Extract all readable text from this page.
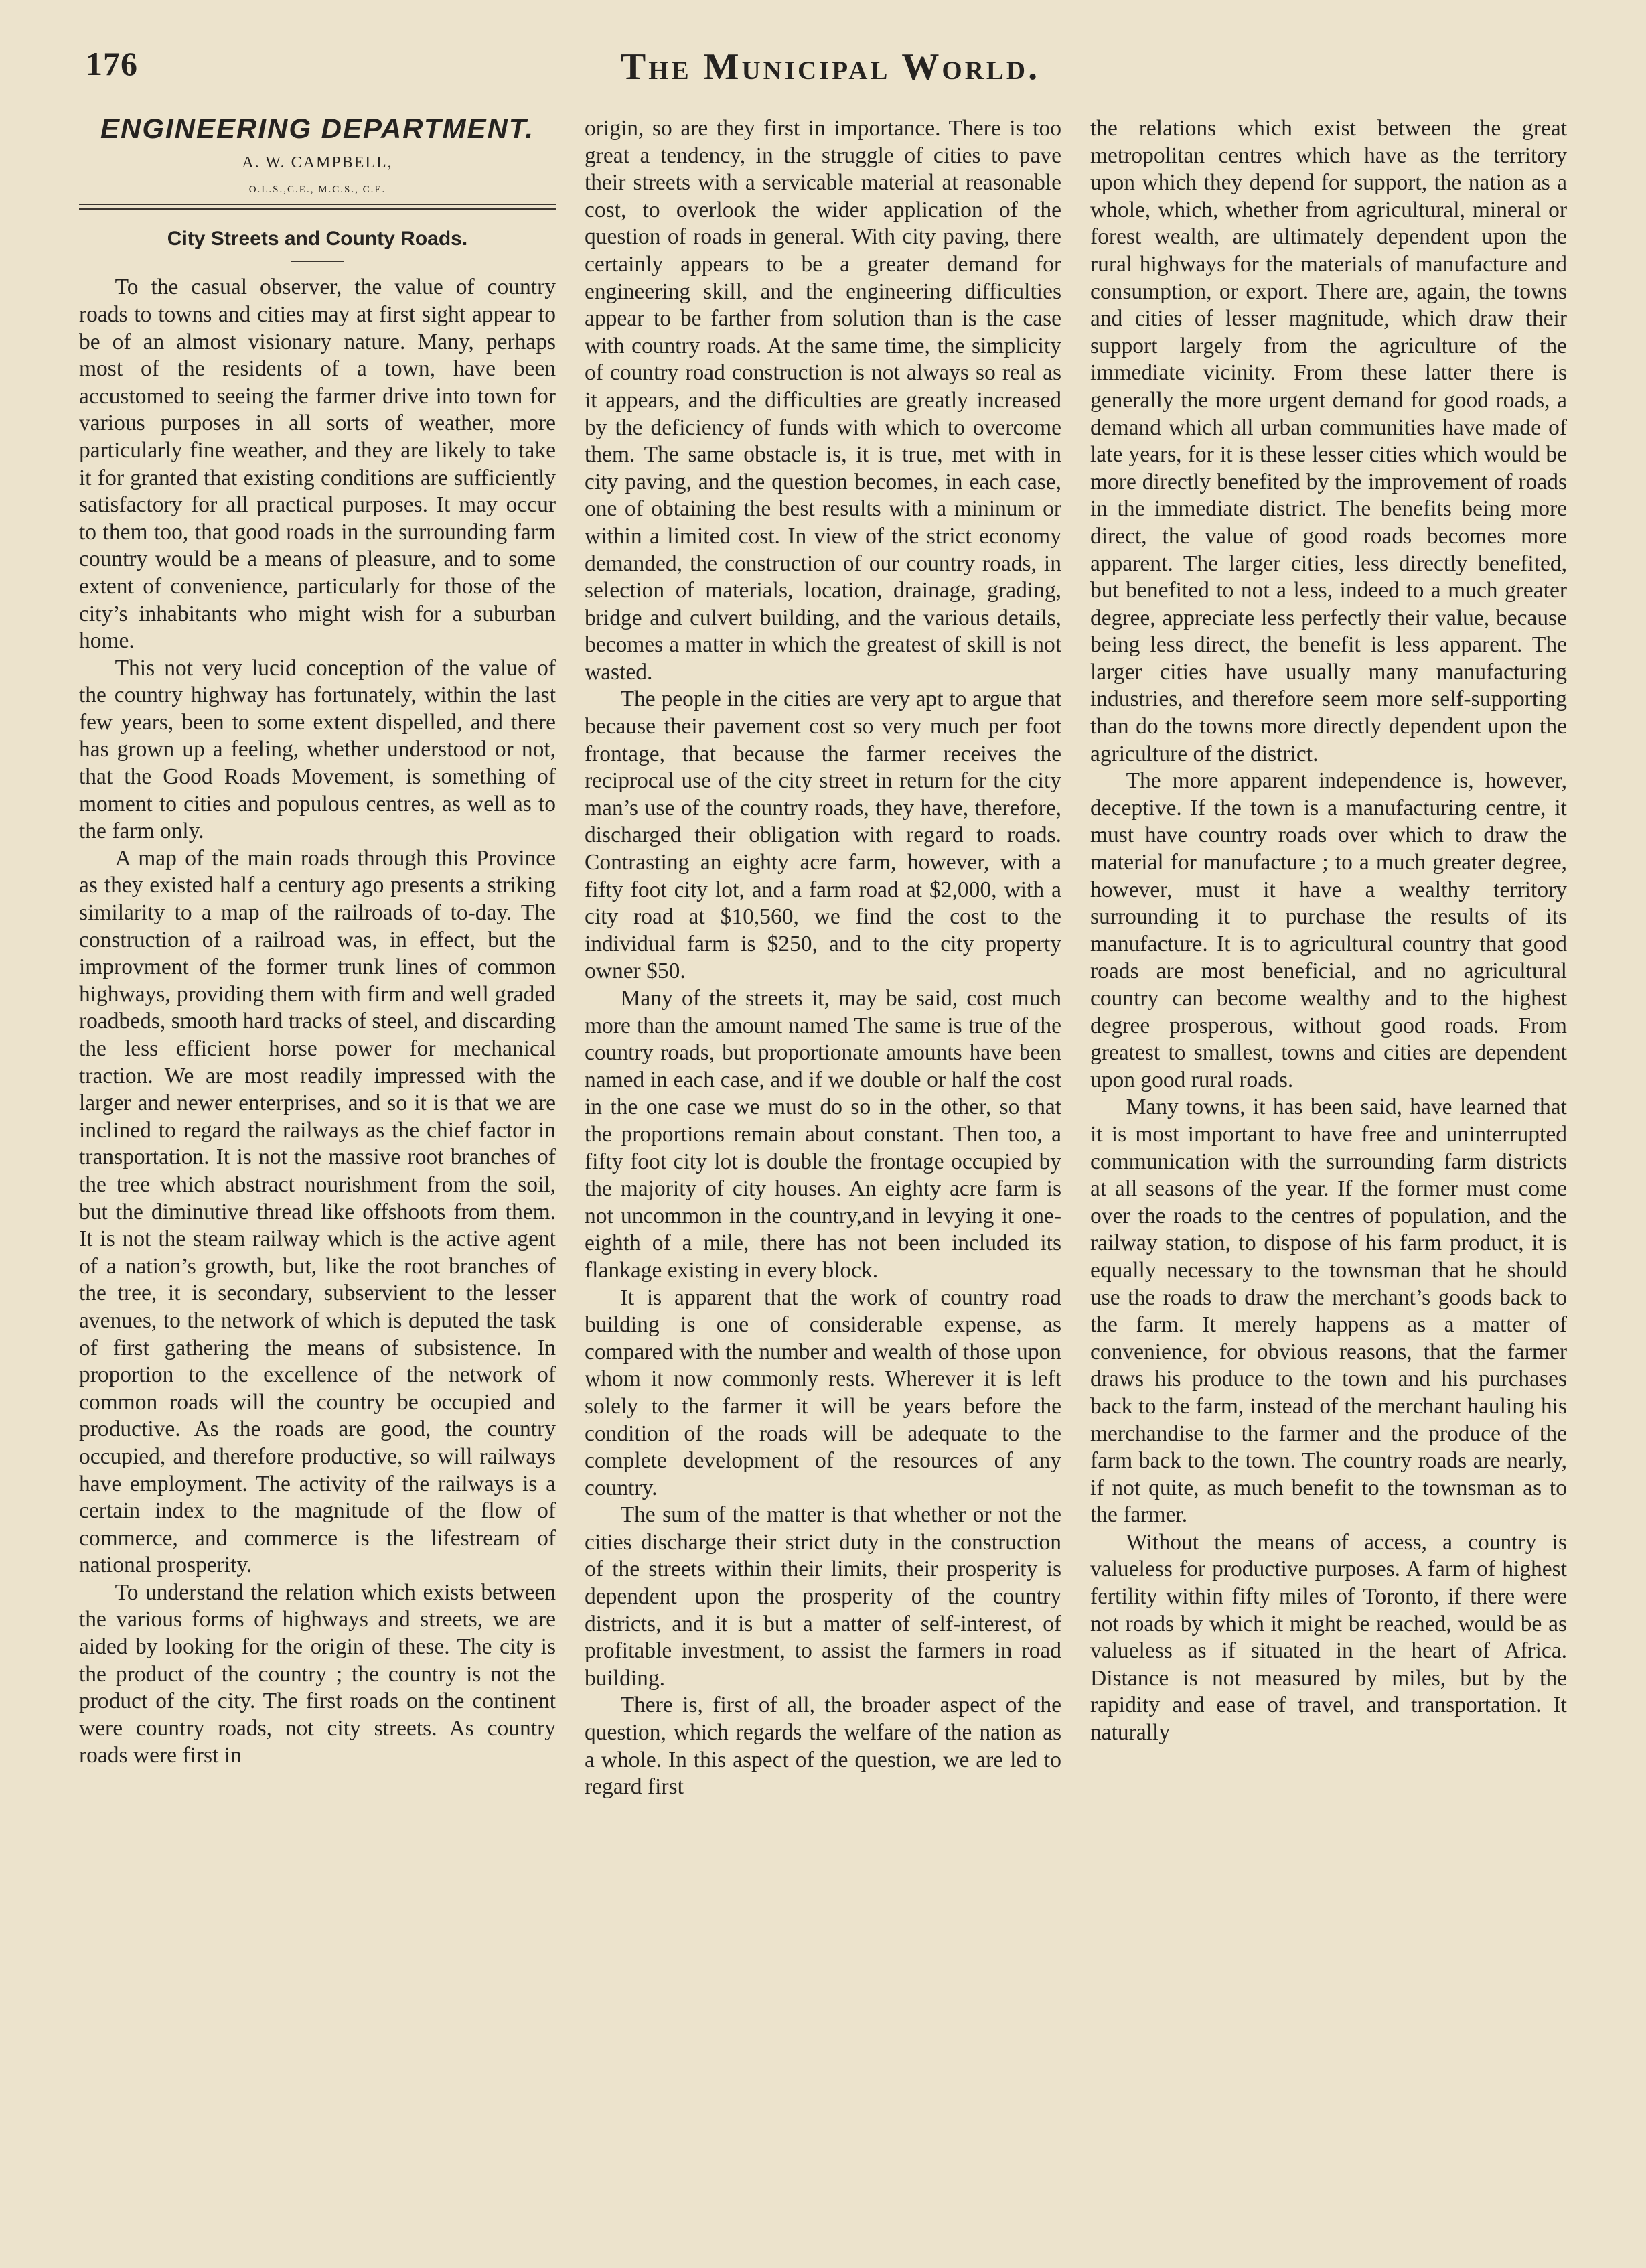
176	The Municipal World.
ENGINEERING DEPARTMENT.

A. W. CAMPBELL,

O.L.S.,C.E., M.C.S., C.E.

City Streets and County Roads.

To the casual observer, the value of country roads to towns and cities may at first sight appear to be of an almost visionary nature. Many, perhaps most of the residents of a town, have been accustomed to seeing the farmer drive into town for various purposes in all sorts of weather, more particularly fine weather, and they are likely to take it for granted that existing conditions are sufficiently satisfactory for all practical purposes. It may occur to them too, that good roads in the surrounding farm country would be a means of pleasure, and to some extent of convenience, particularly for those of the city’s inhabitants who might wish for a suburban home.

This not very lucid conception of the value of the country highway has fortunately, within the last few years, been to some extent dispelled, and there has grown up a feeling, whether understood or not, that the Good Roads Movement, is something of moment to cities and populous centres, as well as to the farm only.

A map of the main roads through this Province as they existed half a century ago presents a striking similarity to a map of the railroads of to-day. The construction of a railroad was, in effect, but the improvment of the former trunk lines of common highways, providing them with firm and well graded roadbeds, smooth hard tracks of steel, and discarding the less efficient horse power for mechanical traction. We are most readily impressed with the larger and newer enterprises, and so it is that we are inclined to regard the railways as the chief factor in transportation. It is not the massive root branches of the tree which abstract nourishment from the soil, but the diminutive thread like offshoots from them. It is not the steam railway which is the active agent of a nation’s growth, but, like the root branches of the tree, it is secondary, subservient to the lesser avenues, to the network of which is deputed the task of first gathering the means of subsistence. In proportion to the excellence of the network of common roads will the country be occupied and productive. As the roads are good, the country occupied, and therefore productive, so will railways have employment. The activity of the railways is a certain index to the magnitude of the flow of commerce, and commerce is the lifestream of national prosperity.

To understand the relation which exists between the various forms of highways and streets, we are aided by looking for the origin of these. The city is the product of the country ; the country is not the product of the city. The first roads on the continent were country roads, not city streets. As country roads were first in

origin, so are they first in importance. There is too great a tendency, in the struggle of cities to pave their streets with a servicable material at reasonable cost, to overlook the wider application of the question of roads in general. With city paving, there certainly appears to be a greater demand for engineering skill, and the engineering difficulties appear to be farther from solution than is the case with country roads. At the same time, the simplicity of country road construction is not always so real as it appears, and the difficulties are greatly increased by the deficiency of funds with which to overcome them. The same obstacle is, it is true, met with in city paving, and the question becomes, in each case, one of obtaining the best results with a mininum or within a limited cost. In view of the strict economy demanded, the construction of our country roads, in selection of materials, location, drainage, grading, bridge and culvert building, and the various details, becomes a matter in which the greatest of skill is not wasted.

The people in the cities are very apt to argue that because their pavement cost so very much per foot frontage, that because the farmer receives the reciprocal use of the city street in return for the city man’s use of the country roads, they have, therefore, discharged their obligation with regard to roads. Contrasting an eighty acre farm, however, with a fifty foot city lot, and a farm road at $2,000, with a city road at $10,560, we find the cost to the individual farm is $250, and to the city property owner $50.

Many of the streets it, may be said, cost much more than the amount named The same is true of the country roads, but proportionate amounts have been named in each case, and if we double or half the cost in the one case we must do so in the other, so that the proportions remain about constant. Then too, a fifty foot city lot is double the frontage occupied by the majority of city houses. An eighty acre farm is not uncommon in the country,and in levying it one-eighth of a mile, there has not been included its flankage existing in every block.

It is apparent that the work of country road building is one of considerable expense, as compared with the number and wealth of those upon whom it now commonly rests. Wherever it is left solely to the farmer it will be years before the condition of the roads will be adequate to the complete development of the resources of any country.

The sum of the matter is that whether or not the cities discharge their strict duty in the construction of the streets within their limits, their prosperity is dependent upon the prosperity of the country districts, and it is but a matter of self-interest, of profitable investment, to assist the farmers in road building.

There is, first of all, the broader aspect of the question, which regards the welfare of the nation as a whole. In this aspect of the question, we are led to regard first

the relations which exist between the great metropolitan centres which have as the territory upon which they depend for support, the nation as a whole, which, whether from agricultural, mineral or forest wealth, are ultimately dependent upon the rural highways for the materials of manufacture and consumption, or export. There are, again, the towns and cities of lesser magnitude, which draw their support largely from the agriculture of the immediate vicinity. From these latter there is generally the more urgent demand for good roads, a demand which all urban communities have made of late years, for it is these lesser cities which would be more directly benefited by the improvement of roads in the immediate district. The benefits being more direct, the value of good roads becomes more apparent. The larger cities, less directly benefited, but benefited to not a less, indeed to a much greater degree, appreciate less perfectly their value, because being less direct, the benefit is less apparent. The larger cities have usually many manufacturing industries, and therefore seem more self-supporting than do the towns more directly dependent upon the agriculture of the district.

The more apparent independence is, however, deceptive. If the town is a manufacturing centre, it must have country roads over which to draw the material for manufacture ; to a much greater degree, however, must it have a wealthy territory surrounding it to purchase the results of its manufacture. It is to agricultural country that good roads are most beneficial, and no agricultural country can become wealthy and to the highest degree prosperous, without good roads. From greatest to smallest, towns and cities are dependent upon good rural roads.

Many towns, it has been said, have learned that it is most important to have free and uninterrupted communication with the surrounding farm districts at all seasons of the year. If the former must come over the roads to the centres of population, and the railway station, to dispose of his farm product, it is equally necessary to the townsman that he should use the roads to draw the merchant’s goods back to the farm. It merely happens as a matter of convenience, for obvious reasons, that the farmer draws his produce to the town and his purchases back to the farm, instead of the merchant hauling his merchandise to the farmer and the produce of the farm back to the town. The country roads are nearly, if not quite, as much benefit to the townsman as to the farmer.

Without the means of access, a country is valueless for productive purposes. A farm of highest fertility within fifty miles of Toronto, if there were not roads by which it might be reached, would be as valueless as if situated in the heart of Africa. Distance is not measured by miles, but by the rapidity and ease of travel, and transportation. It naturally
